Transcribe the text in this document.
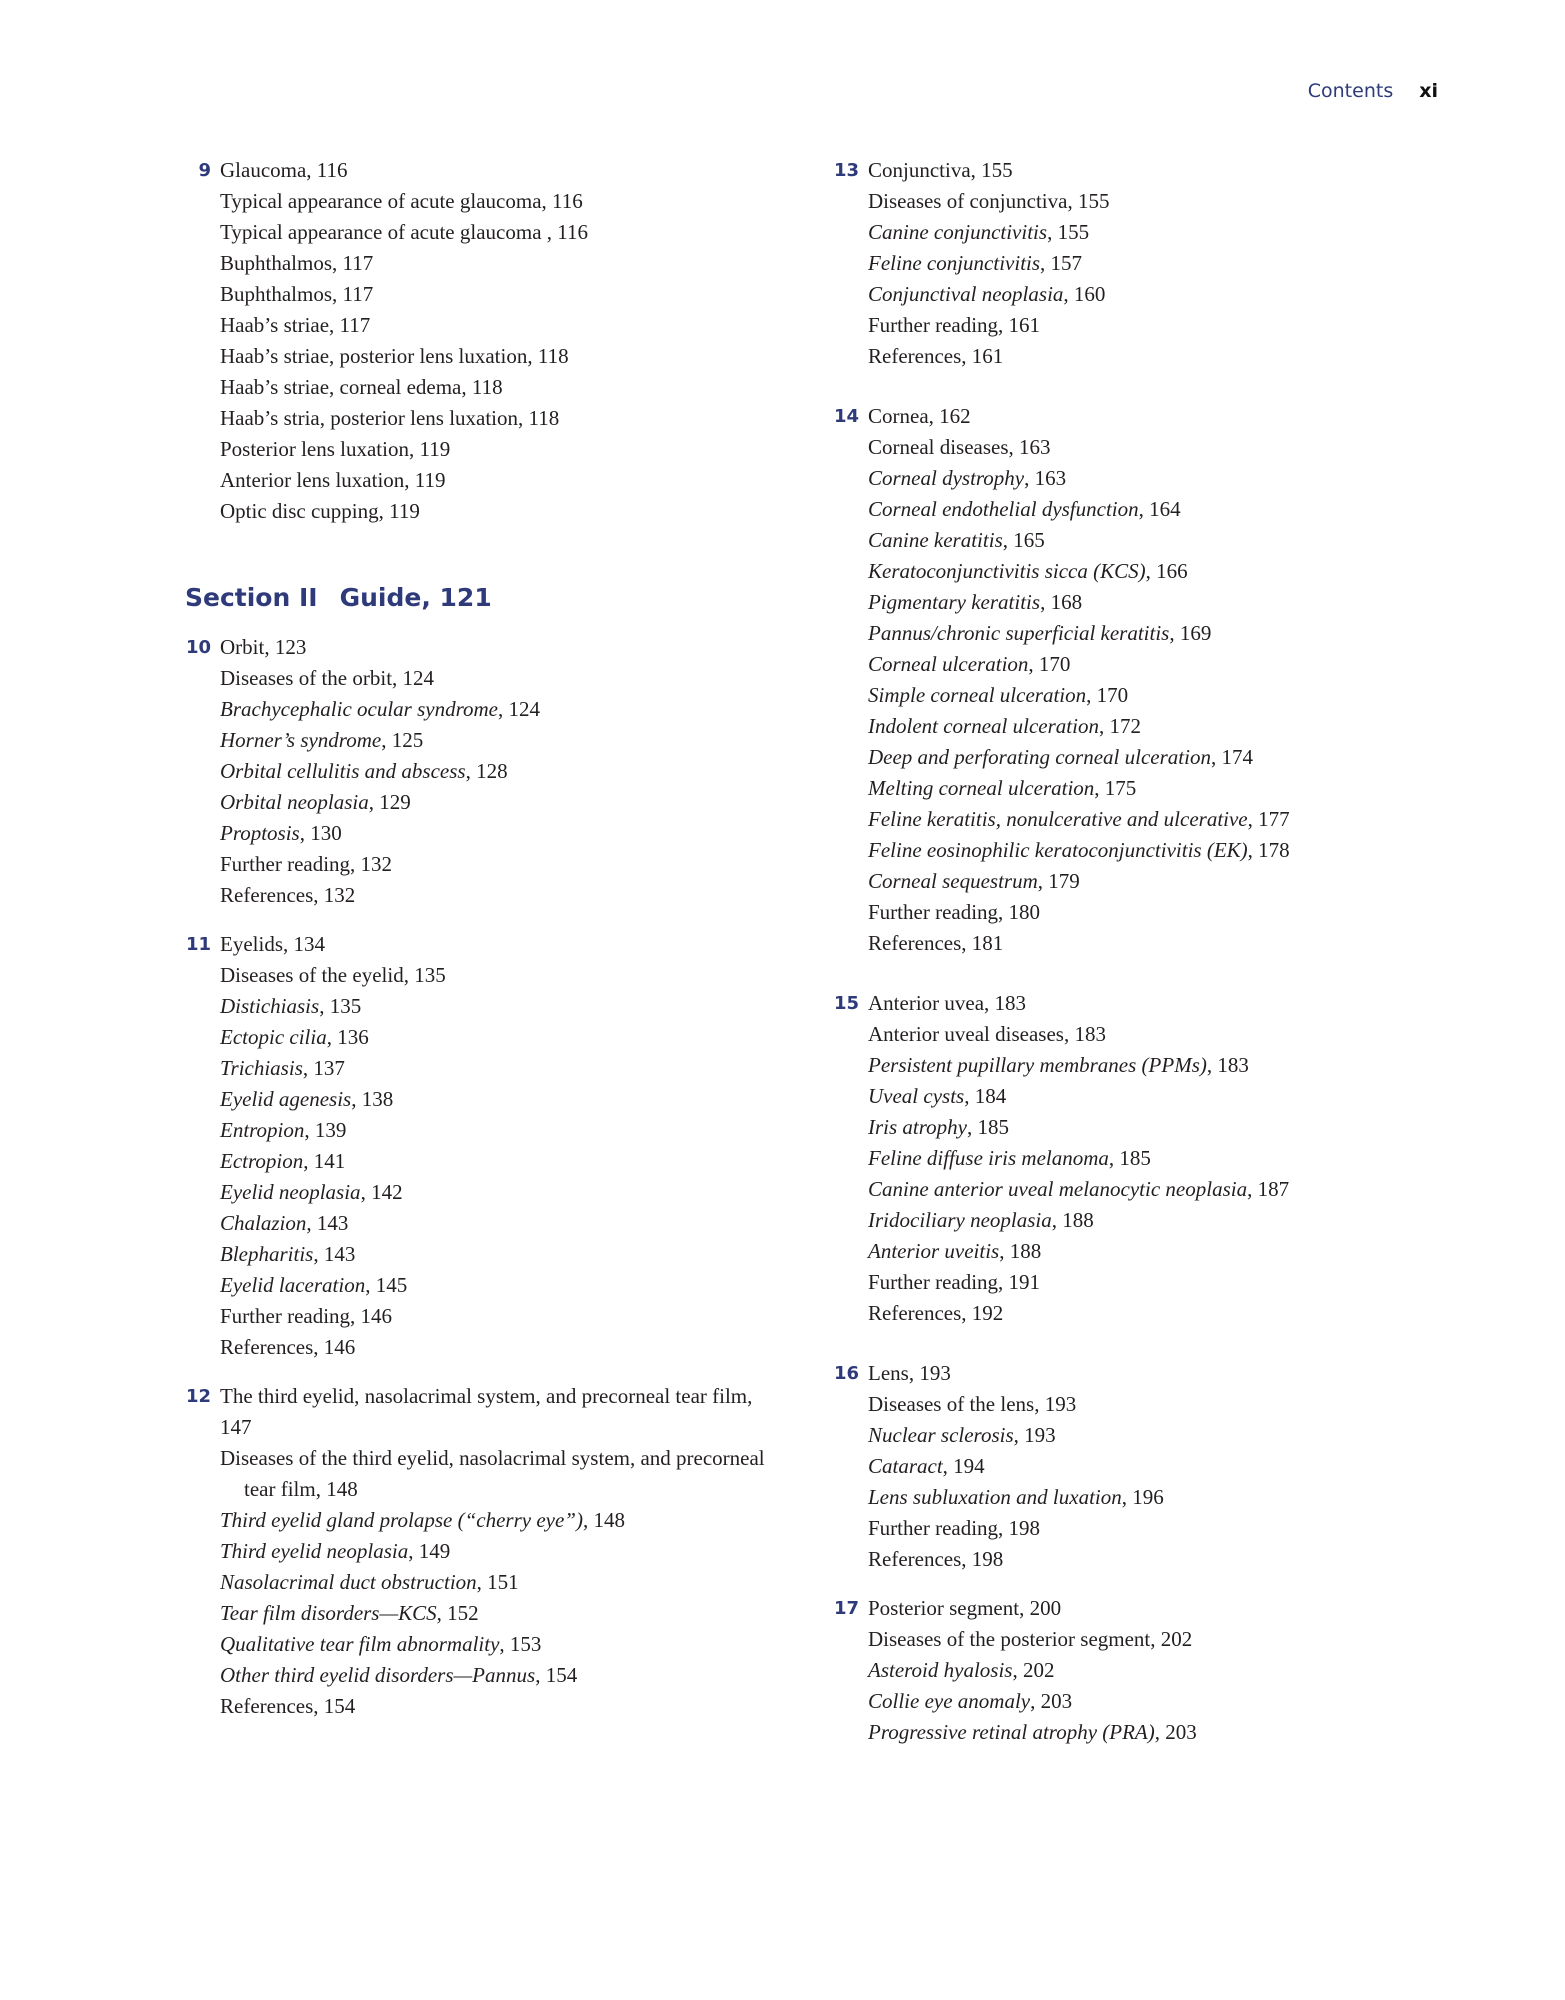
Contents xi
9 Glaucoma, 116
Typical appearance of acute glaucoma, 116
Typical appearance of acute glaucoma , 116
Buphthalmos, 117
Buphthalmos, 117
Haab’s striae, 117
Haab’s striae, posterior lens luxation, 118
Haab’s striae, corneal edema, 118
Haab’s stria, posterior lens luxation, 118
Posterior lens luxation, 119
Anterior lens luxation, 119
Optic disc cupping, 119
Section II Guide, 121
10 Orbit, 123
Diseases of the orbit, 124
Brachycephalic ocular syndrome, 124
Horner’s syndrome, 125
Orbital cellulitis and abscess, 128
Orbital neoplasia, 129
Proptosis, 130
Further reading, 132
References, 132
11 Eyelids, 134
Diseases of the eyelid, 135
Distichiasis, 135
Ectopic cilia, 136
Trichiasis, 137
Eyelid agenesis, 138
Entropion, 139
Ectropion, 141
Eyelid neoplasia, 142
Chalazion, 143
Blepharitis, 143
Eyelid laceration, 145
Further reading, 146
References, 146
12 The third eyelid, nasolacrimal system, and precorneal tear film, 147
Diseases of the third eyelid, nasolacrimal system, and precorneal tear film, 148
Third eyelid gland prolapse (“cherry eye”), 148
Third eyelid neoplasia, 149
Nasolacrimal duct obstruction, 151
Tear film disorders—KCS, 152
Qualitative tear film abnormality, 153
Other third eyelid disorders—Pannus, 154
References, 154
13 Conjunctiva, 155
Diseases of conjunctiva, 155
Canine conjunctivitis, 155
Feline conjunctivitis, 157
Conjunctival neoplasia, 160
Further reading, 161
References, 161
14 Cornea, 162
Corneal diseases, 163
Corneal dystrophy, 163
Corneal endothelial dysfunction, 164
Canine keratitis, 165
Keratoconjunctivitis sicca (KCS), 166
Pigmentary keratitis, 168
Pannus/chronic superficial keratitis, 169
Corneal ulceration, 170
Simple corneal ulceration, 170
Indolent corneal ulceration, 172
Deep and perforating corneal ulceration, 174
Melting corneal ulceration, 175
Feline keratitis, nonulcerative and ulcerative, 177
Feline eosinophilic keratoconjunctivitis (EK), 178
Corneal sequestrum, 179
Further reading, 180
References, 181
15 Anterior uvea, 183
Anterior uveal diseases, 183
Persistent pupillary membranes (PPMs), 183
Uveal cysts, 184
Iris atrophy, 185
Feline diffuse iris melanoma, 185
Canine anterior uveal melanocytic neoplasia, 187
Iridociliary neoplasia, 188
Anterior uveitis, 188
Further reading, 191
References, 192
16 Lens, 193
Diseases of the lens, 193
Nuclear sclerosis, 193
Cataract, 194
Lens subluxation and luxation, 196
Further reading, 198
References, 198
17 Posterior segment, 200
Diseases of the posterior segment, 202
Asteroid hyalosis, 202
Collie eye anomaly, 203
Progressive retinal atrophy (PRA), 203
